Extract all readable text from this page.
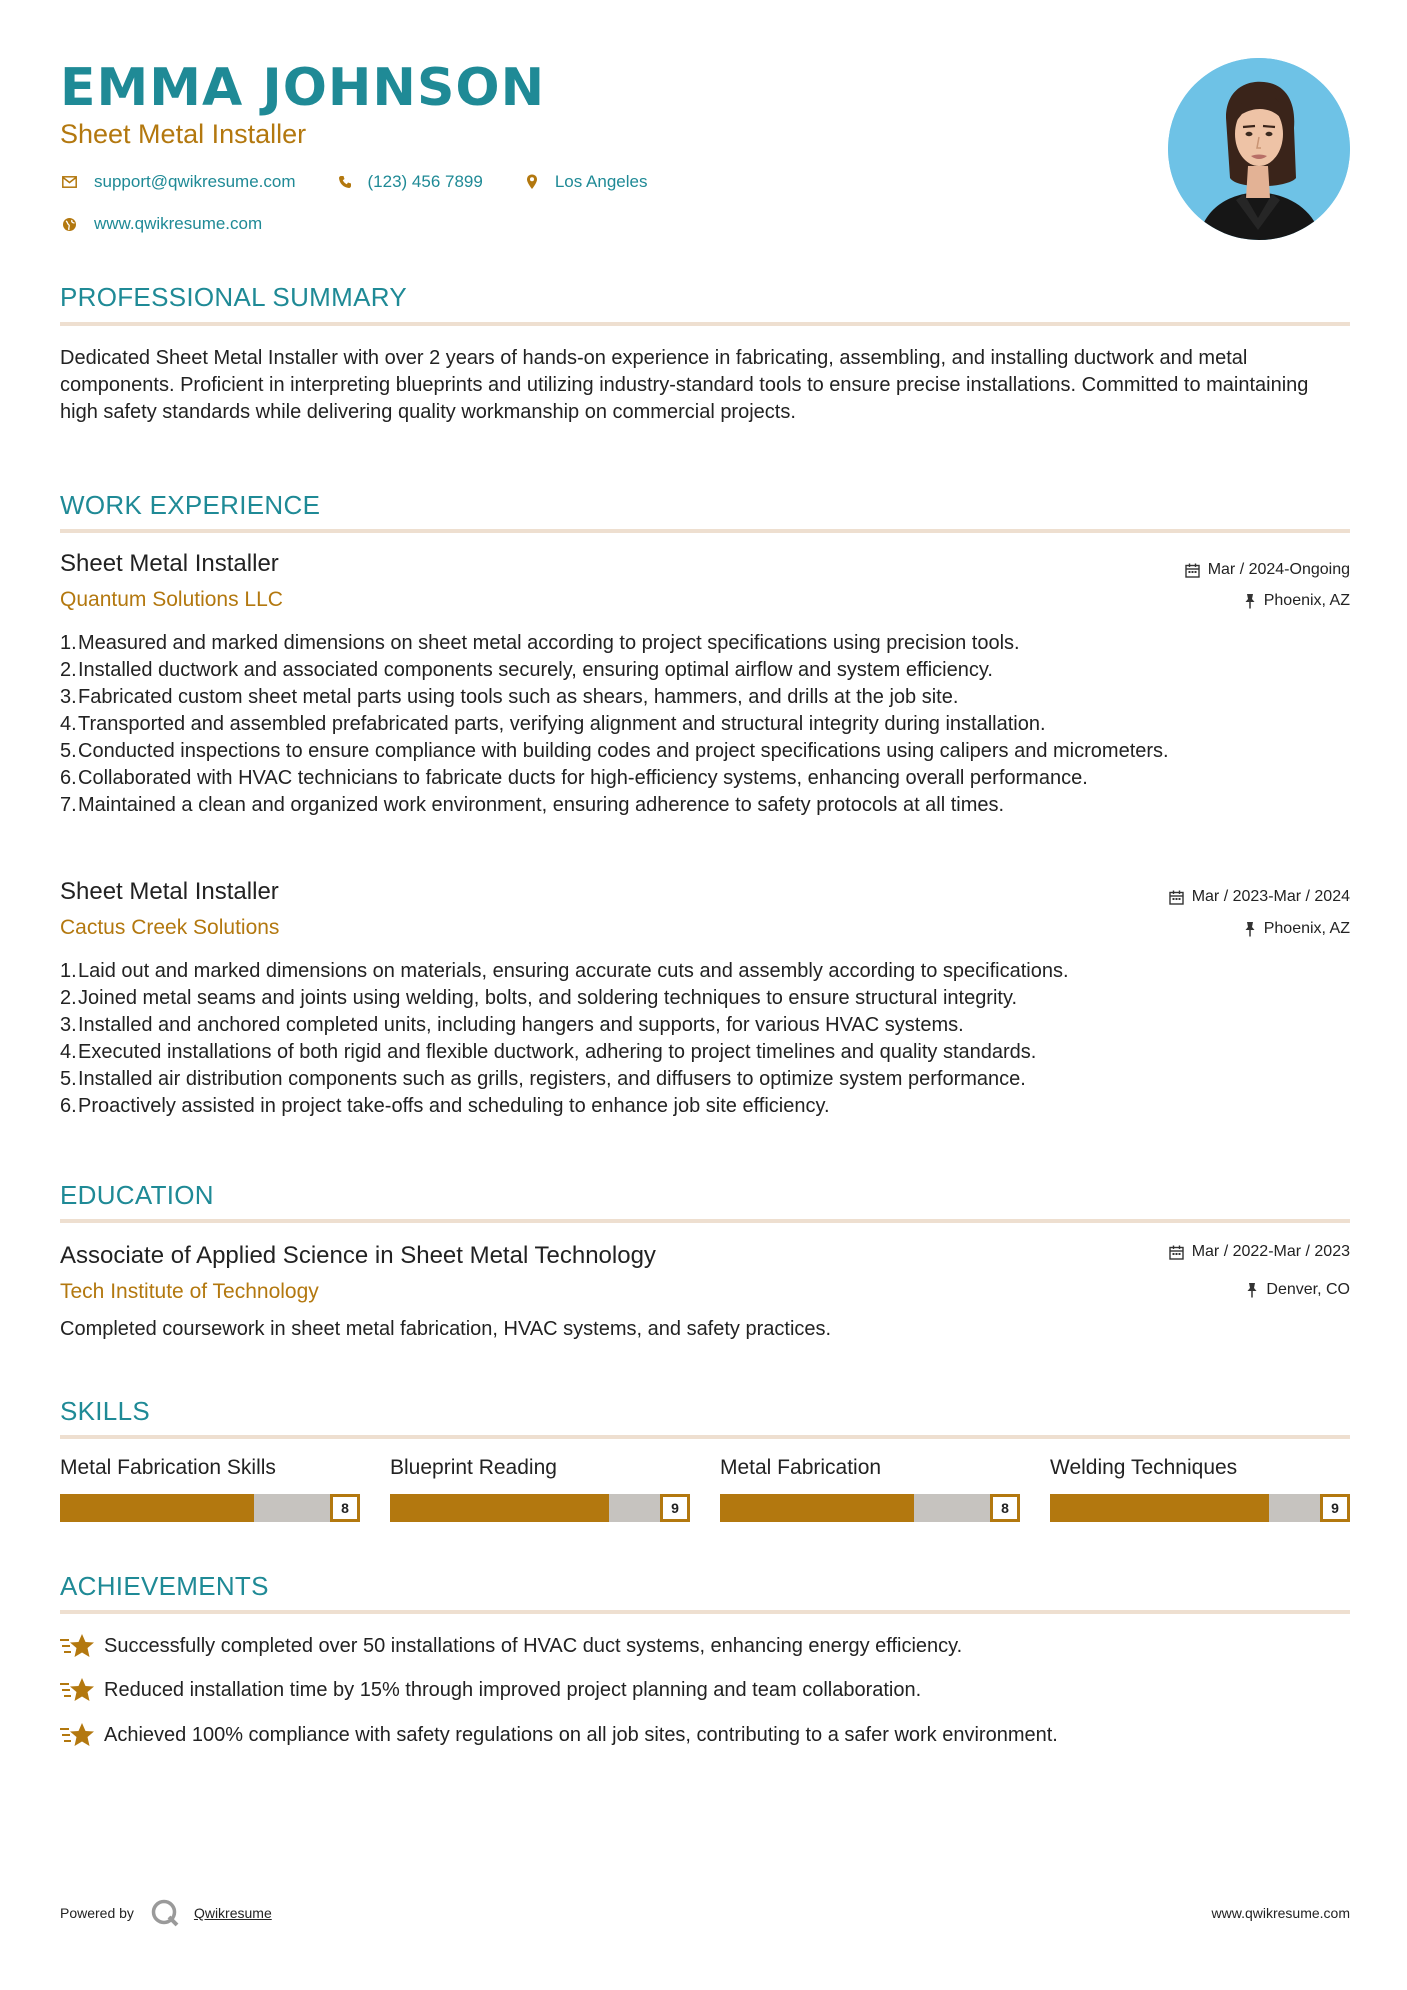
EMMA JOHNSON
Sheet Metal Installer
support@qwikresume.com	(123) 456 7899	Los Angeles
www.qwikresume.com
PROFESSIONAL SUMMARY
Dedicated Sheet Metal Installer with over 2 years of hands-on experience in fabricating, assembling, and installing ductwork and metal components. Proficient in interpreting blueprints and utilizing industry-standard tools to ensure precise installations. Committed to maintaining high safety standards while delivering quality workmanship on commercial projects.
WORK EXPERIENCE
Sheet Metal Installer	Mar / 2024-Ongoing
Quantum Solutions LLC	Phoenix, AZ
1. Measured and marked dimensions on sheet metal according to project specifications using precision tools.
2. Installed ductwork and associated components securely, ensuring optimal airflow and system efficiency.
3. Fabricated custom sheet metal parts using tools such as shears, hammers, and drills at the job site.
4. Transported and assembled prefabricated parts, verifying alignment and structural integrity during installation.
5. Conducted inspections to ensure compliance with building codes and project specifications using calipers and micrometers.
6. Collaborated with HVAC technicians to fabricate ducts for high-efficiency systems, enhancing overall performance.
7. Maintained a clean and organized work environment, ensuring adherence to safety protocols at all times.
Sheet Metal Installer	Mar / 2023-Mar / 2024
Cactus Creek Solutions	Phoenix, AZ
1. Laid out and marked dimensions on materials, ensuring accurate cuts and assembly according to specifications.
2. Joined metal seams and joints using welding, bolts, and soldering techniques to ensure structural integrity.
3. Installed and anchored completed units, including hangers and supports, for various HVAC systems.
4. Executed installations of both rigid and flexible ductwork, adhering to project timelines and quality standards.
5. Installed air distribution components such as grills, registers, and diffusers to optimize system performance.
6. Proactively assisted in project take-offs and scheduling to enhance job site efficiency.
EDUCATION
Associate of Applied Science in Sheet Metal Technology	Mar / 2022-Mar / 2023
Tech Institute of Technology	Denver, CO
Completed coursework in sheet metal fabrication, HVAC systems, and safety practices.
SKILLS
Metal Fabrication Skills
8
Blueprint Reading
9
Metal Fabrication
8
Welding Techniques
9
ACHIEVEMENTS
Successfully completed over 50 installations of HVAC duct systems, enhancing energy efficiency.
Reduced installation time by 15% through improved project planning and team collaboration.
Achieved 100% compliance with safety regulations on all job sites, contributing to a safer work environment.
Powered by	Qwikresume	www.qwikresume.com
